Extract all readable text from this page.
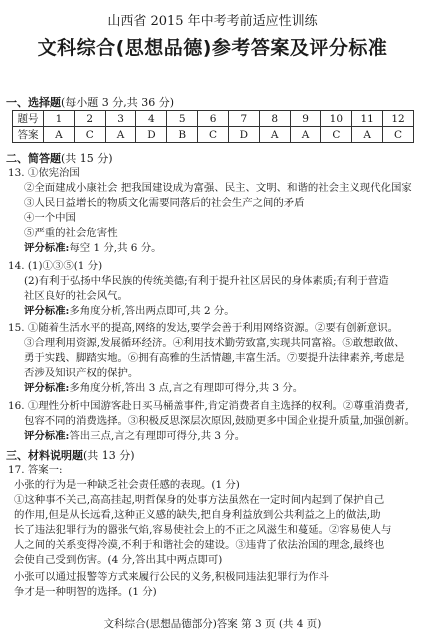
山西省 2015 年中考考前适应性训练
文科综合(思想品德)参考答案及评分标准
一、选择题(每小题 3 分,共 36 分)
题号	1	2	3	4	5	6	7	8	9	10	11	12
答案	A	C	A	D	B	C	D	A	A	C	A	C
二、简答题(共 15 分)
13. ①依宪治国
②全面建成小康社会 把我国建设成为富强、民主、文明、和谐的社会主义现代化国家
③人民日益增长的物质文化需要同落后的社会生产之间的矛盾
④一个中国
⑤严重的社会危害性
评分标准:每空 1 分,共 6 分。
14. (1)①③⑤(1 分)
(2)有利于弘扬中华民族的传统美德;有利于提升社区居民的身体素质;有利于营造
社区良好的社会风气。
评分标准:多角度分析,答出两点即可,共 2 分。
15. ①随着生活水平的提高,网络的发达,要学会善于利用网络资源。②要有创新意识。
③合理利用资源,发展循环经济。④利用技术勤劳致富,实现共同富裕。⑤敢想敢做、
勇于实践、脚踏实地。⑥拥有高雅的生活情趣,丰富生活。⑦要提升法律素养,考虑是
否涉及知识产权的保护。
评分标准:多角度分析,答出 3 点,言之有理即可得分,共 3 分。
16. ①理性分析中国游客赴日买马桶盖事件,肯定消费者自主选择的权利。②尊重消费者,
包容不同的消费选择。③积极反思深层次原因,鼓励更多中国企业提升质量,加强创新。
评分标准:答出三点,言之有理即可得分,共 3 分。
三、材料说明题(共 13 分)
17. 答案一:
小张的行为是一种缺乏社会责任感的表现。(1 分)
①这种事不关己,高高挂起,明哲保身的处事方法虽然在一定时间内起到了保护自己
的作用,但是从长远看,这种正义感的缺失,把自身利益放到公共利益之上的做法,助
长了违法犯罪行为的嚣张气焰,容易使社会上的不正之风滋生和蔓延。②容易使人与
人之间的关系变得冷漠,不利于和谐社会的建设。③违背了依法治国的理念,最终也
会使自己受到伤害。(4 分,答出其中两点即可)
小张可以通过报警等方式来履行公民的义务,积极同违法犯罪行为作斗
争才是一种明智的选择。(1 分)
文科综合(思想品德部分)答案 第 3 页 (共 4 页)
